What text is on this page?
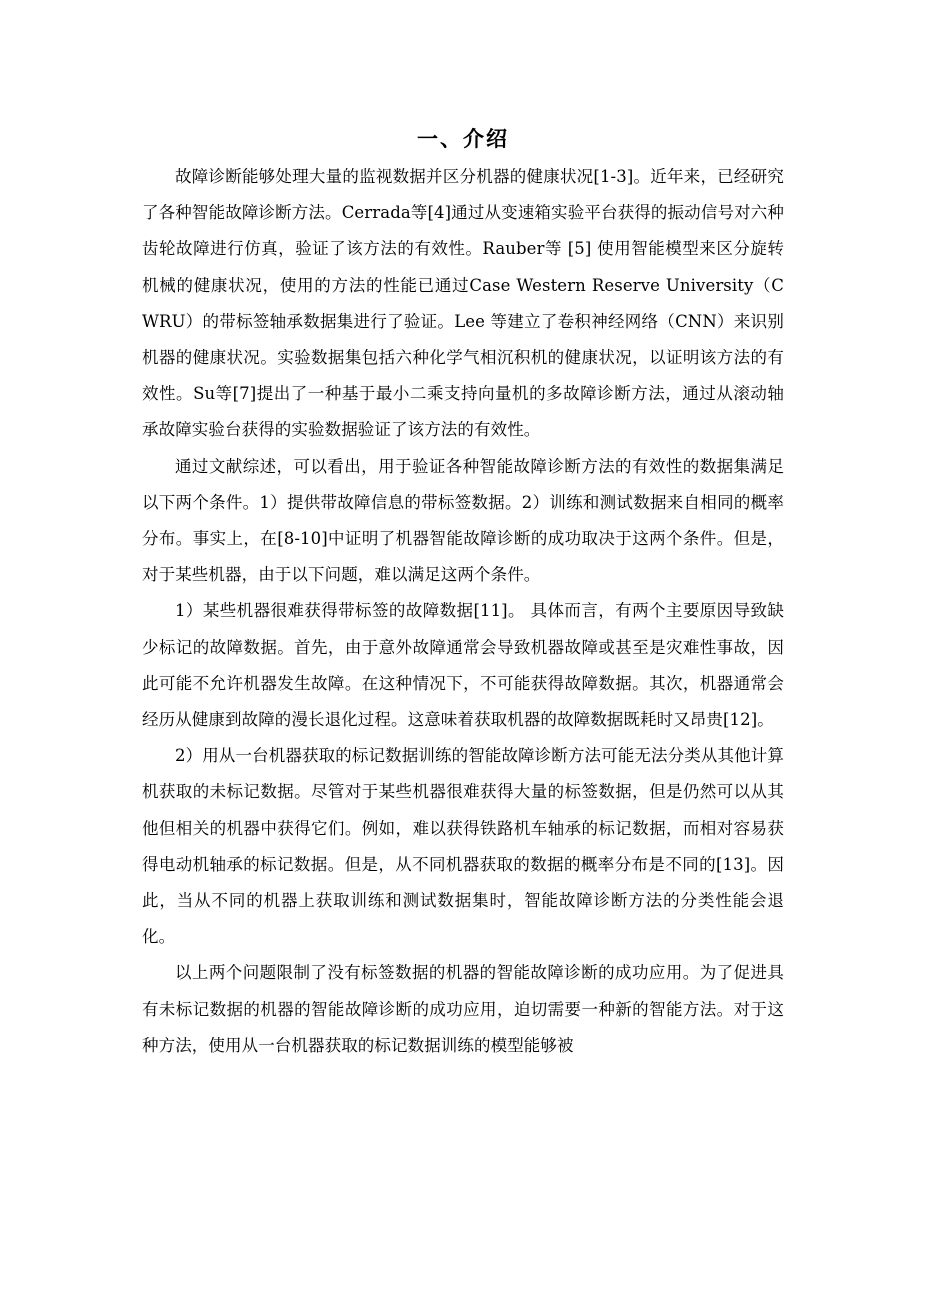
一、介绍

故障诊断能够处理大量的监视数据并区分机器的健康状况[1-3]。近年来，已经研究了各种智能故障诊断方法。Cerrada等[4]通过从变速箱实验平台获得的振动信号对六种齿轮故障进行仿真，验证了该方法的有效性。Rauber等 [5] 使用智能模型来区分旋转机械的健康状况，使用的方法的性能已通过Case Western Reserve University（CWRU）的带标签轴承数据集进行了验证。Lee 等建立了卷积神经网络（CNN）来识别机器的健康状况。实验数据集包括六种化学气相沉积机的健康状况，以证明该方法的有效性。Su等[7]提出了一种基于最小二乘支持向量机的多故障诊断方法，通过从滚动轴承故障实验台获得的实验数据验证了该方法的有效性。

通过文献综述，可以看出，用于验证各种智能故障诊断方法的有效性的数据集满足以下两个条件。1）提供带故障信息的带标签数据。2）训练和测试数据来自相同的概率分布。事实上，在[8-10]中证明了机器智能故障诊断的成功取决于这两个条件。但是，对于某些机器，由于以下问题，难以满足这两个条件。

1）某些机器很难获得带标签的故障数据[11]。 具体而言，有两个主要原因导致缺少标记的故障数据。首先，由于意外故障通常会导致机器故障或甚至是灾难性事故，因此可能不允许机器发生故障。在这种情况下，不可能获得故障数据。其次，机器通常会经历从健康到故障的漫长退化过程。这意味着获取机器的故障数据既耗时又昂贵[12]。

2）用从一台机器获取的标记数据训练的智能故障诊断方法可能无法分类从其他计算机获取的未标记数据。尽管对于某些机器很难获得大量的标签数据，但是仍然可以从其他但相关的机器中获得它们。例如，难以获得铁路机车轴承的标记数据，而相对容易获得电动机轴承的标记数据。但是，从不同机器获取的数据的概率分布是不同的[13]。因此，当从不同的机器上获取训练和测试数据集时，智能故障诊断方法的分类性能会退化。

以上两个问题限制了没有标签数据的机器的智能故障诊断的成功应用。为了促进具有未标记数据的机器的智能故障诊断的成功应用，迫切需要一种新的智能方法。对于这种方法，使用从一台机器获取的标记数据训练的模型能够被
